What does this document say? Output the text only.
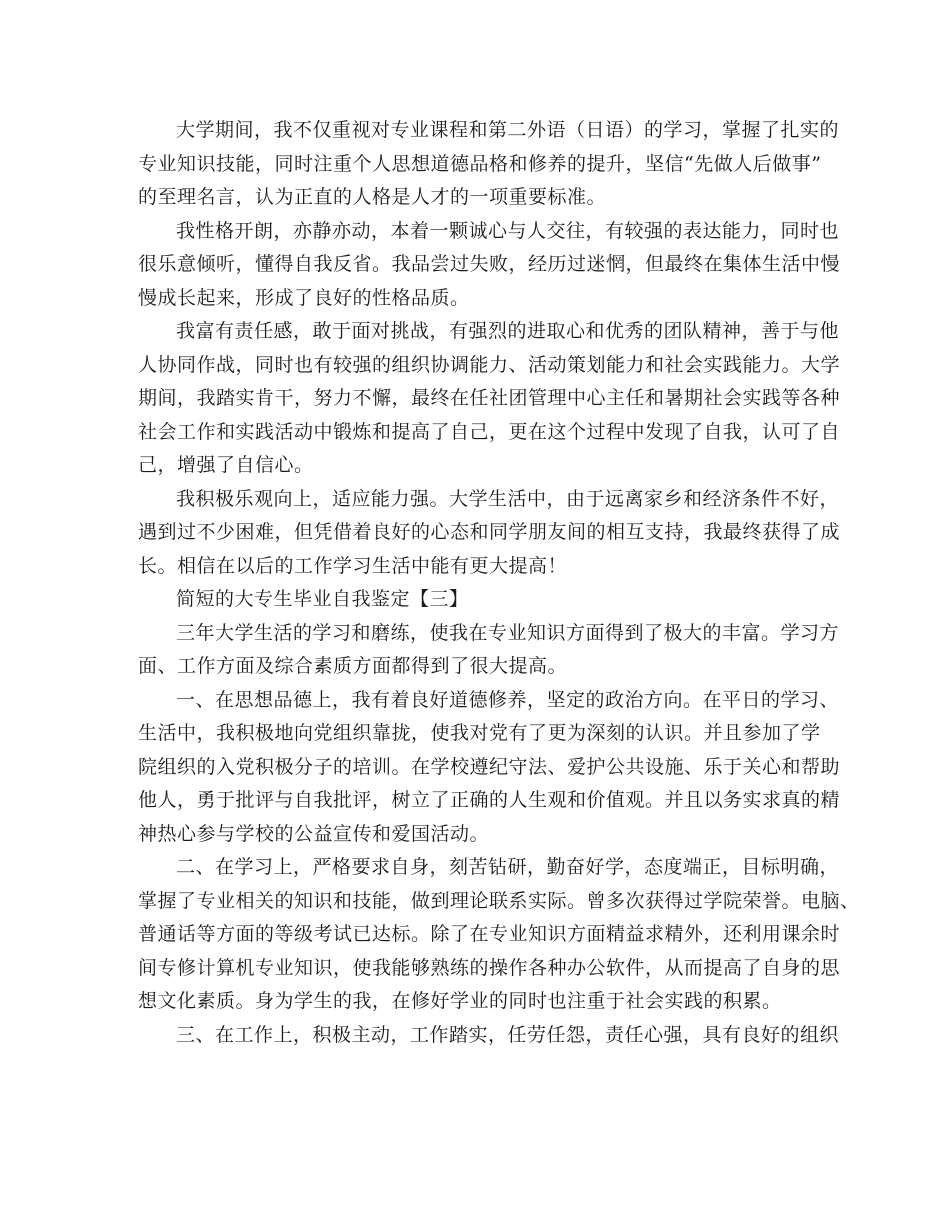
大学期间，我不仅重视对专业课程和第二外语（日语）的学习，掌握了扎实的
专业知识技能，同时注重个人思想道德品格和修养的提升，坚信“先做人后做事”
的至理名言，认为正直的人格是人才的一项重要标准。
我性格开朗，亦静亦动，本着一颗诚心与人交往，有较强的表达能力，同时也
很乐意倾听，懂得自我反省。我品尝过失败，经历过迷惘，但最终在集体生活中慢
慢成长起来，形成了良好的性格品质。
我富有责任感，敢于面对挑战，有强烈的进取心和优秀的团队精神，善于与他
人协同作战，同时也有较强的组织协调能力、活动策划能力和社会实践能力。大学
期间，我踏实肯干，努力不懈，最终在任社团管理中心主任和暑期社会实践等各种
社会工作和实践活动中锻炼和提高了自己，更在这个过程中发现了自我，认可了自
己，增强了自信心。
我积极乐观向上，适应能力强。大学生活中，由于远离家乡和经济条件不好，
遇到过不少困难，但凭借着良好的心态和同学朋友间的相互支持，我最终获得了成
长。相信在以后的工作学习生活中能有更大提高！
简短的大专生毕业自我鉴定【三】
三年大学生活的学习和磨练，使我在专业知识方面得到了极大的丰富。学习方
面、工作方面及综合素质方面都得到了很大提高。
一、在思想品德上，我有着良好道德修养，坚定的政治方向。在平日的学习、
生活中，我积极地向党组织靠拢，使我对党有了更为深刻的认识。并且参加了学
院组织的入党积极分子的培训。在学校遵纪守法、爱护公共设施、乐于关心和帮助
他人，勇于批评与自我批评，树立了正确的人生观和价值观。并且以务实求真的精
神热心参与学校的公益宣传和爱国活动。
二、在学习上，严格要求自身，刻苦钻研，勤奋好学，态度端正，目标明确，
掌握了专业相关的知识和技能，做到理论联系实际。曾多次获得过学院荣誉。电脑、
普通话等方面的等级考试已达标。除了在专业知识方面精益求精外，还利用课余时
间专修计算机专业知识，使我能够熟练的操作各种办公软件，从而提高了自身的思
想文化素质。身为学生的我，在修好学业的同时也注重于社会实践的积累。
三、在工作上，积极主动，工作踏实，任劳任怨，责任心强，具有良好的组织
